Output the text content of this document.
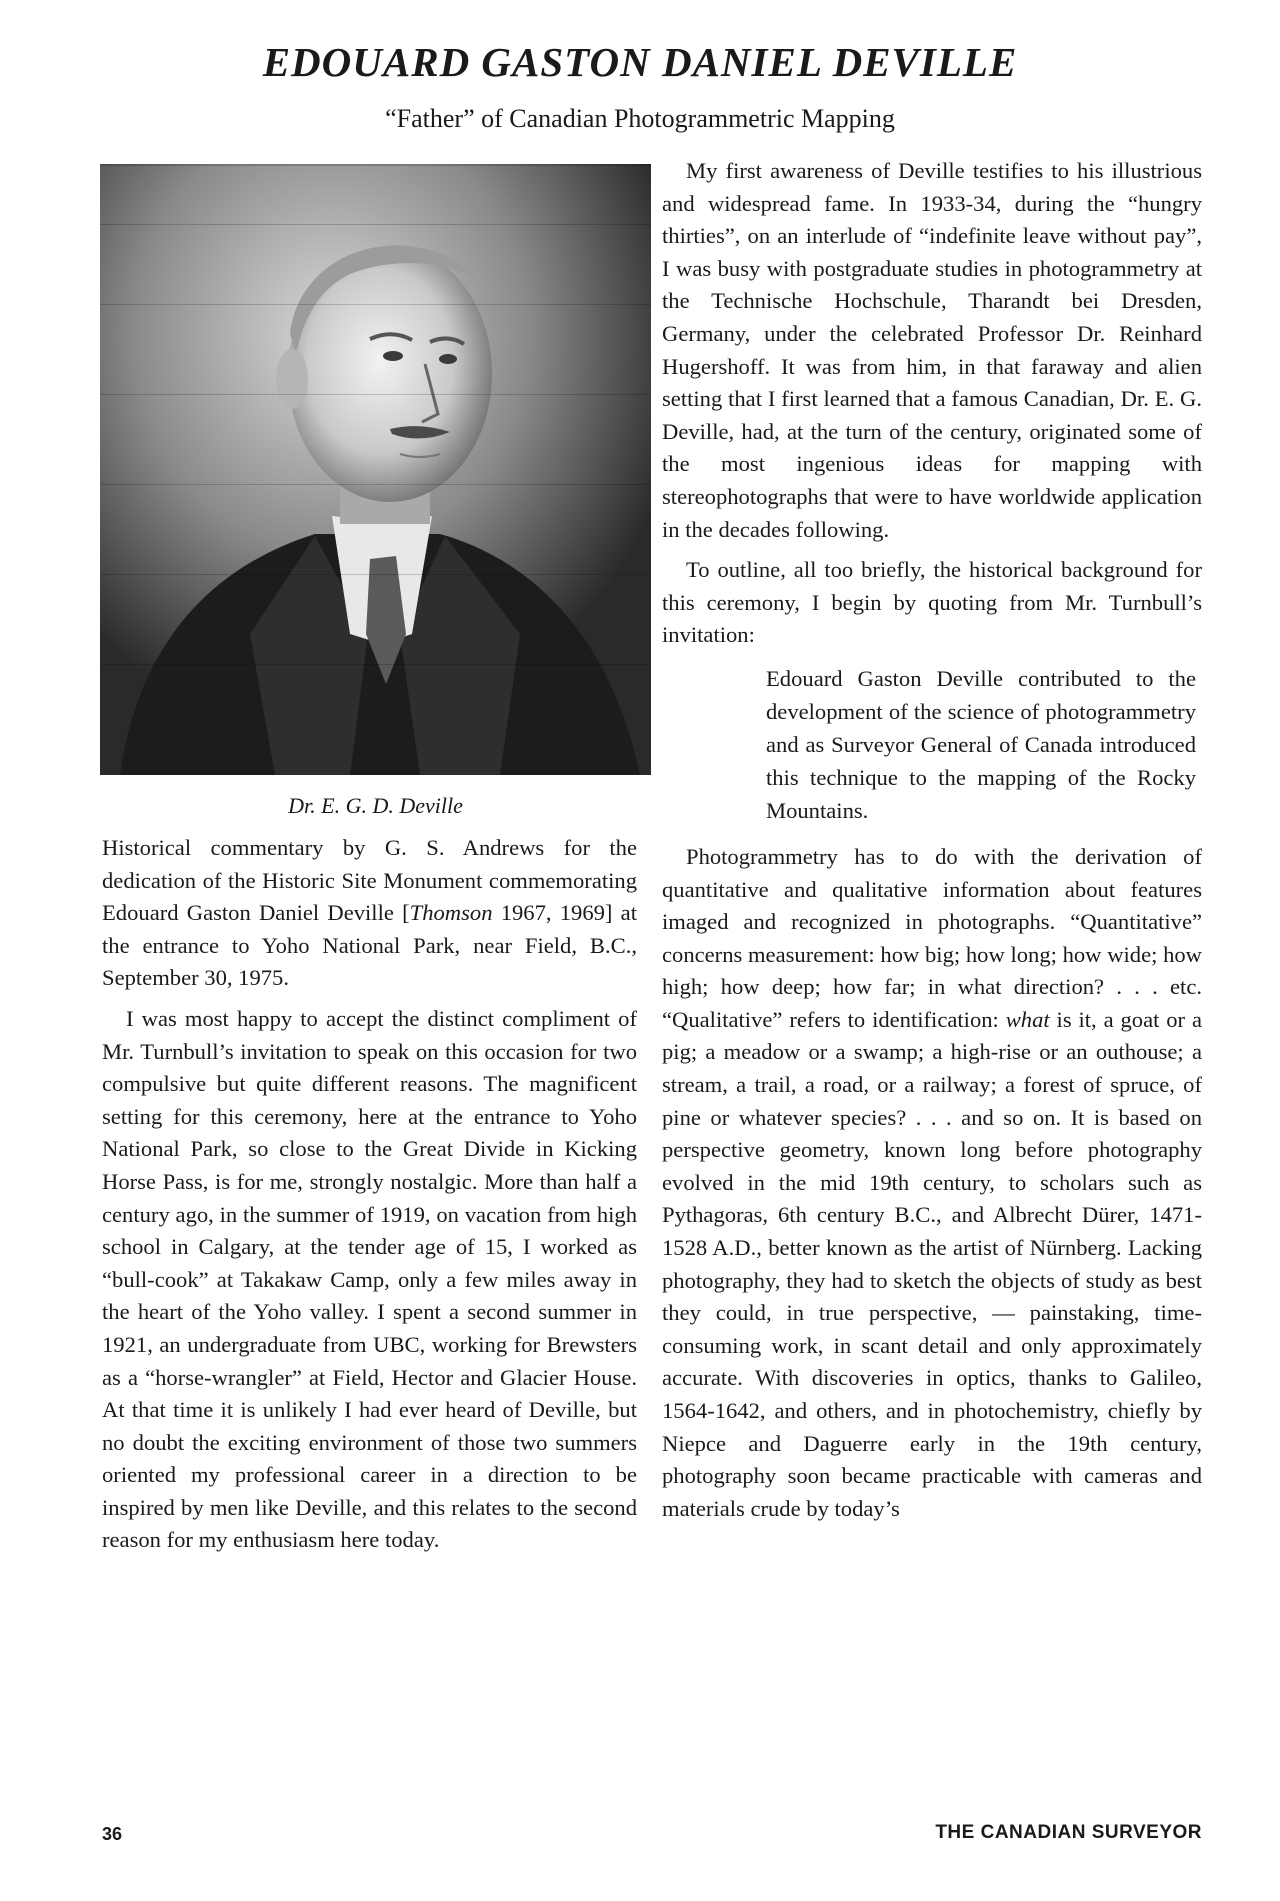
EDOUARD GASTON DANIEL DEVILLE

“Father” of Canadian Photogrammetric Mapping

Dr. E. G. D. Deville

Historical commentary by G. S. Andrews for the dedication of the Historic Site Monument commemorating Edouard Gaston Daniel Deville [Thomson 1967, 1969] at the entrance to Yoho National Park, near Field, B.C., September 30, 1975.

I was most happy to accept the distinct compliment of Mr. Turnbull’s invitation to speak on this occasion for two compulsive but quite different reasons. The magnificent setting for this ceremony, here at the entrance to Yoho National Park, so close to the Great Divide in Kicking Horse Pass, is for me, strongly nostalgic. More than half a century ago, in the summer of 1919, on vacation from high school in Calgary, at the tender age of 15, I worked as “bull-cook” at Takakaw Camp, only a few miles away in the heart of the Yoho valley. I spent a second summer in 1921, an undergraduate from UBC, working for Brewsters as a “horse-wrangler” at Field, Hector and Glacier House. At that time it is unlikely I had ever heard of Deville, but no doubt the exciting environment of those two summers oriented my professional career in a direction to be inspired by men like Deville, and this relates to the second reason for my enthusiasm here today.

My first awareness of Deville testifies to his illustrious and widespread fame. In 1933-34, during the “hungry thirties”, on an interlude of “indefinite leave without pay”, I was busy with postgraduate studies in photogrammetry at the Technische Hochschule, Tharandt bei Dresden, Germany, under the celebrated Professor Dr. Reinhard Hugershoff. It was from him, in that faraway and alien setting that I first learned that a famous Canadian, Dr. E. G. Deville, had, at the turn of the century, originated some of the most ingenious ideas for mapping with stereophotographs that were to have worldwide application in the decades following.

To outline, all too briefly, the historical background for this ceremony, I begin by quoting from Mr. Turnbull’s invitation:

Edouard Gaston Deville contributed to the development of the science of photogrammetry and as Surveyor General of Canada introduced this technique to the mapping of the Rocky Mountains.

Photogrammetry has to do with the derivation of quantitative and qualitative information about features imaged and recognized in photographs. “Quantitative” concerns measurement: how big; how long; how wide; how high; how deep; how far; in what direction? . . . etc. “Qualitative” refers to identification: what is it, a goat or a pig; a meadow or a swamp; a high-rise or an outhouse; a stream, a trail, a road, or a railway; a forest of spruce, of pine or whatever species? . . . and so on. It is based on perspective geometry, known long before photography evolved in the mid 19th century, to scholars such as Pythagoras, 6th century B.C., and Albrecht Dürer, 1471-1528 A.D., better known as the artist of Nürnberg. Lacking photography, they had to sketch the objects of study as best they could, in true perspective, — painstaking, time-consuming work, in scant detail and only approximately accurate. With discoveries in optics, thanks to Galileo, 1564-1642, and others, and in photochemistry, chiefly by Niepce and Daguerre early in the 19th century, photography soon became practicable with cameras and materials crude by today’s

36	THE CANADIAN SURVEYOR
